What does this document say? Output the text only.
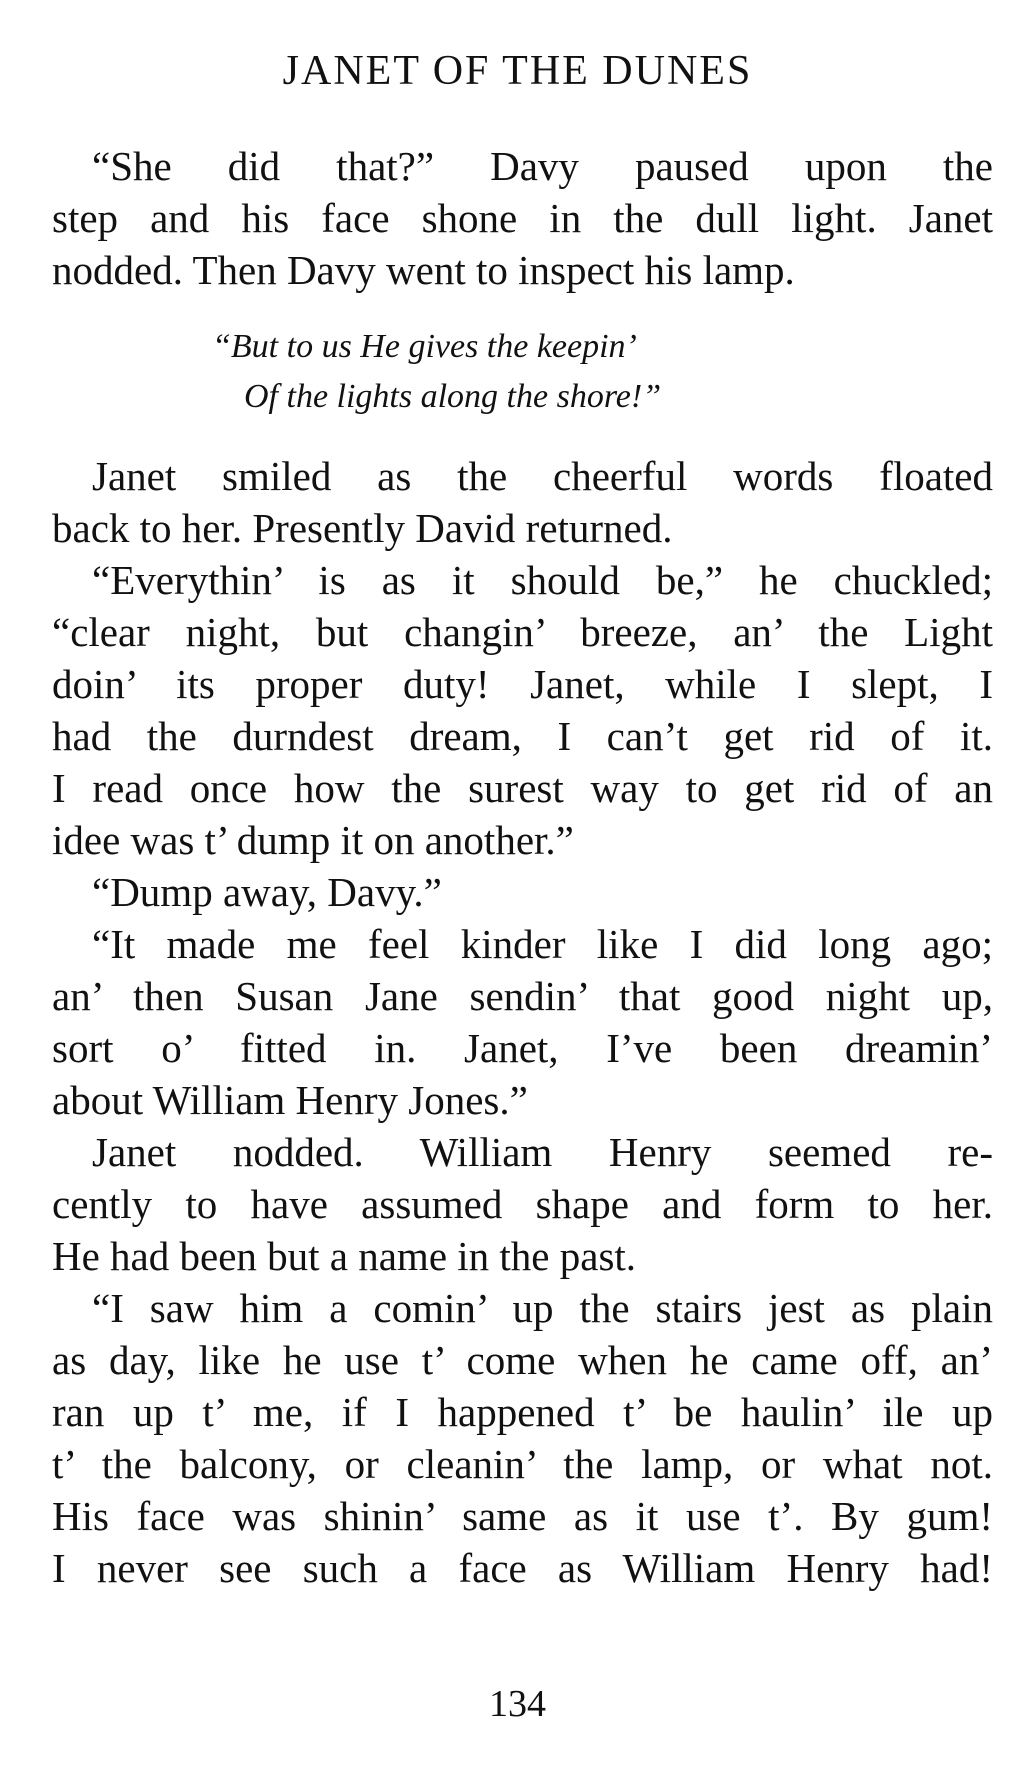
JANET OF THE DUNES
“She did that?” Davy paused upon the
step and his face shone in the dull light. Janet
nodded. Then Davy went to inspect his lamp.
“But to us He gives the keepin’
Of the lights along the shore!”
Janet smiled as the cheerful words floated
back to her. Presently David returned.
“Everythin’ is as it should be,” he chuckled;
“clear night, but changin’ breeze, an’ the Light
doin’ its proper duty! Janet, while I slept, I
had the durndest dream, I can’t get rid of it.
I read once how the surest way to get rid of an
idee was t’ dump it on another.”
“Dump away, Davy.”
“It made me feel kinder like I did long ago;
an’ then Susan Jane sendin’ that good night up,
sort o’ fitted in. Janet, I’ve been dreamin’
about William Henry Jones.”
Janet nodded. William Henry seemed re-
cently to have assumed shape and form to her.
He had been but a name in the past.
“I saw him a comin’ up the stairs jest as plain
as day, like he use t’ come when he came off, an’
ran up t’ me, if I happened t’ be haulin’ ile up
t’ the balcony, or cleanin’ the lamp, or what not.
His face was shinin’ same as it use t’. By gum!
I never see such a face as William Henry had!
134
